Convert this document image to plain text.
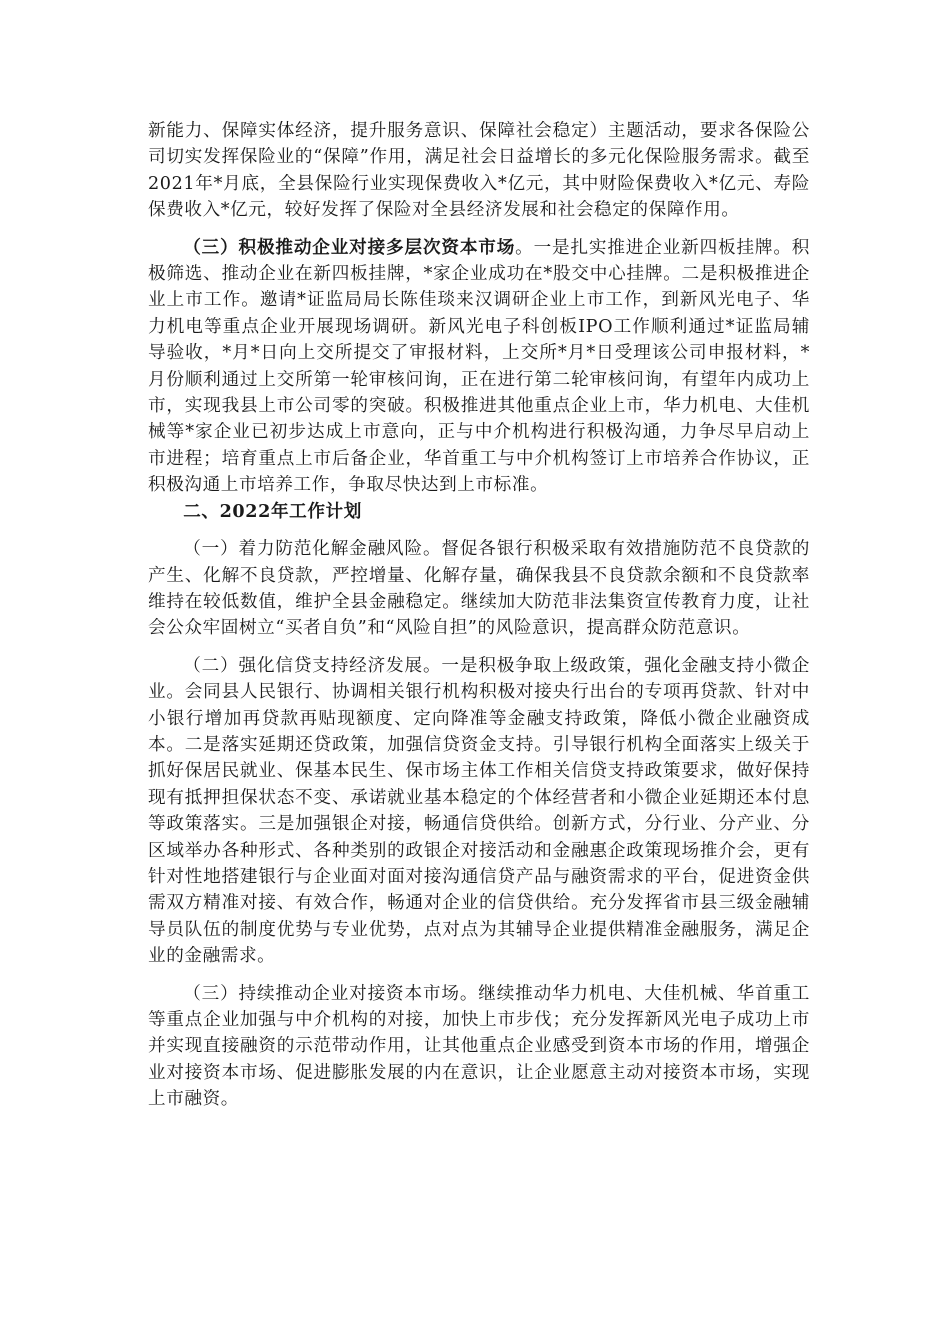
新能力、保障实体经济，提升服务意识、保障社会稳定）主题活动，要求各保险公司切实发挥保险业的“保障”作用，满足社会日益增长的多元化保险服务需求。截至2021年*月底，全县保险行业实现保费收入*亿元，其中财险保费收入*亿元、寿险保费收入*亿元，较好发挥了保险对全县经济发展和社会稳定的保障作用。

（三）积极推动企业对接多层次资本市场。一是扎实推进企业新四板挂牌。积极筛选、推动企业在新四板挂牌，*家企业成功在*股交中心挂牌。二是积极推进企业上市工作。邀请*证监局局长陈佳琰来汉调研企业上市工作，到新风光电子、华力机电等重点企业开展现场调研。新风光电子科创板IPO工作顺利通过*证监局辅导验收，*月*日向上交所提交了审报材料，上交所*月*日受理该公司申报材料，*月份顺利通过上交所第一轮审核问询，正在进行第二轮审核问询，有望年内成功上市，实现我县上市公司零的突破。积极推进其他重点企业上市，华力机电、大佳机械等*家企业已初步达成上市意向，正与中介机构进行积极沟通，力争尽早启动上市进程；培育重点上市后备企业，华首重工与中介机构签订上市培养合作协议，正积极沟通上市培养工作，争取尽快达到上市标准。

二、2022年工作计划

（一）着力防范化解金融风险。督促各银行积极采取有效措施防范不良贷款的产生、化解不良贷款，严控增量、化解存量，确保我县不良贷款余额和不良贷款率维持在较低数值，维护全县金融稳定。继续加大防范非法集资宣传教育力度，让社会公众牢固树立“买者自负”和“风险自担”的风险意识，提高群众防范意识。

（二）强化信贷支持经济发展。一是积极争取上级政策，强化金融支持小微企业。会同县人民银行、协调相关银行机构积极对接央行出台的专项再贷款、针对中小银行增加再贷款再贴现额度、定向降准等金融支持政策，降低小微企业融资成本。二是落实延期还贷政策，加强信贷资金支持。引导银行机构全面落实上级关于抓好保居民就业、保基本民生、保市场主体工作相关信贷支持政策要求，做好保持现有抵押担保状态不变、承诺就业基本稳定的个体经营者和小微企业延期还本付息等政策落实。三是加强银企对接，畅通信贷供给。创新方式，分行业、分产业、分区域举办各种形式、各种类别的政银企对接活动和金融惠企政策现场推介会，更有针对性地搭建银行与企业面对面对接沟通信贷产品与融资需求的平台，促进资金供需双方精准对接、有效合作，畅通对企业的信贷供给。充分发挥省市县三级金融辅导员队伍的制度优势与专业优势，点对点为其辅导企业提供精准金融服务，满足企业的金融需求。

（三）持续推动企业对接资本市场。继续推动华力机电、大佳机械、华首重工等重点企业加强与中介机构的对接，加快上市步伐；充分发挥新风光电子成功上市并实现直接融资的示范带动作用，让其他重点企业感受到资本市场的作用，增强企业对接资本市场、促进膨胀发展的内在意识，让企业愿意主动对接资本市场，实现上市融资。
